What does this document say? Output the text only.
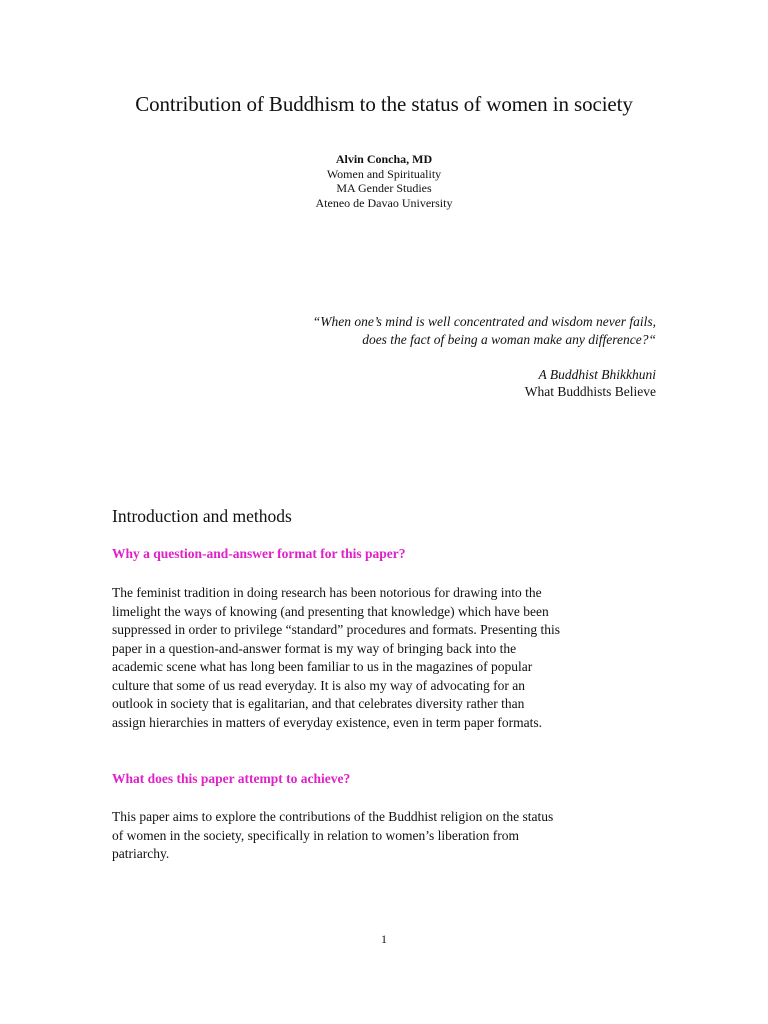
Contribution of Buddhism to the status of women in society
Alvin Concha, MD
Women and Spirituality
MA Gender Studies
Ateneo de Davao University
“When one’s mind is well concentrated and wisdom never fails,
does the fact of being a woman make any difference?“
A Buddhist Bhikkhuni
What Buddhists Believe
Introduction and methods
Why a question-and-answer format for this paper?

The feminist tradition in doing research has been notorious for drawing into the
limelight the ways of knowing (and presenting that knowledge) which have been
suppressed in order to privilege “standard” procedures and formats. Presenting this
paper in a question-and-answer format is my way of bringing back into the
academic scene what has long been familiar to us in the magazines of popular
culture that some of us read everyday. It is also my way of advocating for an
outlook in society that is egalitarian, and that celebrates diversity rather than
assign hierarchies in matters of everyday existence, even in term paper formats.

What does this paper attempt to achieve?

This paper aims to explore the contributions of the Buddhist religion on the status
of women in the society, specifically in relation to women’s liberation from
patriarchy.

1
